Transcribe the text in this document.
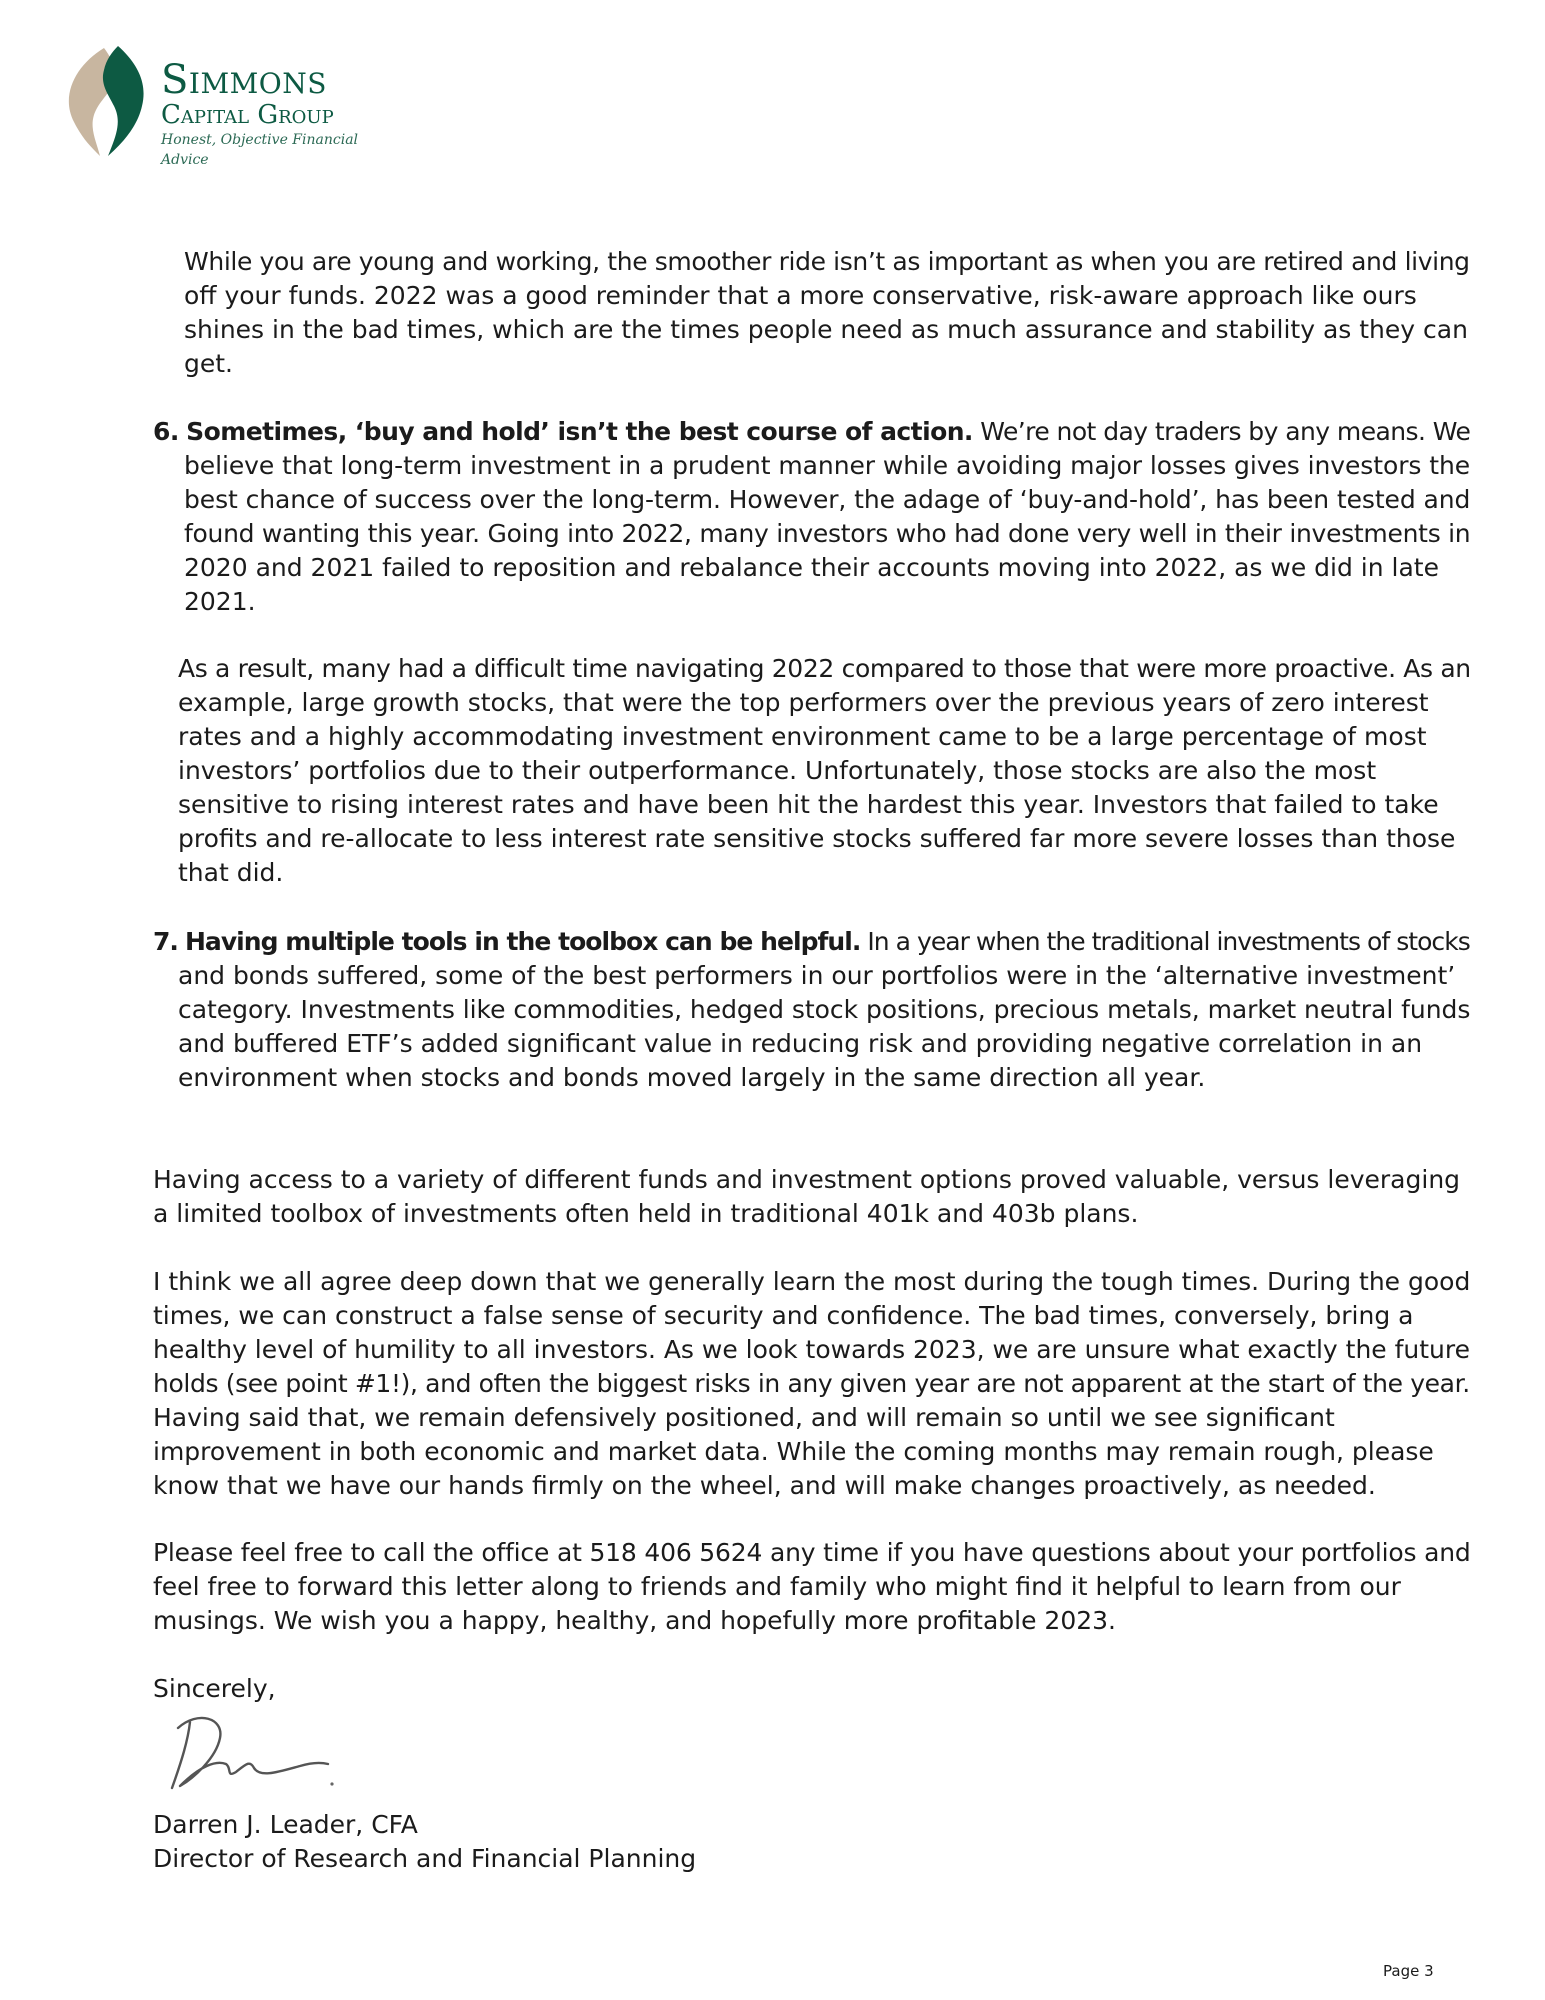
Simmons
Capital Group
Honest, Objective Financial Advice

While you are young and working, the smoother ride isn’t as important as when you are retired and living

off your funds. 2022 was a good reminder that a more conservative, risk-aware approach like ours

shines in the bad times, which are the times people need as much assurance and stability as they can

get.

6. Sometimes, ‘buy and hold’ isn’t the best course of action. We’re not day traders by any means. We

believe that long-term investment in a prudent manner while avoiding major losses gives investors the

best chance of success over the long-term. However, the adage of ‘buy-and-hold’, has been tested and

found wanting this year. Going into 2022, many investors who had done very well in their investments in

2020 and 2021 failed to reposition and rebalance their accounts moving into 2022, as we did in late

2021.

As a result, many had a difficult time navigating 2022 compared to those that were more proactive. As an

example, large growth stocks, that were the top performers over the previous years of zero interest

rates and a highly accommodating investment environment came to be a large percentage of most

investors’ portfolios due to their outperformance. Unfortunately, those stocks are also the most

sensitive to rising interest rates and have been hit the hardest this year. Investors that failed to take

profits and re-allocate to less interest rate sensitive stocks suffered far more severe losses than those

that did.

7. Having multiple tools in the toolbox can be helpful. In a year when the traditional investments of stocks

and bonds suffered, some of the best performers in our portfolios were in the ‘alternative investment’

category. Investments like commodities, hedged stock positions, precious metals, market neutral funds

and buffered ETF’s added significant value in reducing risk and providing negative correlation in an

environment when stocks and bonds moved largely in the same direction all year.

Having access to a variety of different funds and investment options proved valuable, versus leveraging

a limited toolbox of investments often held in traditional 401k and 403b plans.

I think we all agree deep down that we generally learn the most during the tough times. During the good

times, we can construct a false sense of security and confidence. The bad times, conversely, bring a

healthy level of humility to all investors. As we look towards 2023, we are unsure what exactly the future

holds (see point #1!), and often the biggest risks in any given year are not apparent at the start of the year.

Having said that, we remain defensively positioned, and will remain so until we see significant

improvement in both economic and market data. While the coming months may remain rough, please

know that we have our hands firmly on the wheel, and will make changes proactively, as needed.

Please feel free to call the office at 518 406 5624 any time if you have questions about your portfolios and

feel free to forward this letter along to friends and family who might find it helpful to learn from our

musings. We wish you a happy, healthy, and hopefully more profitable 2023.

Sincerely,

Darren J. Leader, CFA

Director of Research and Financial Planning

Page 3
